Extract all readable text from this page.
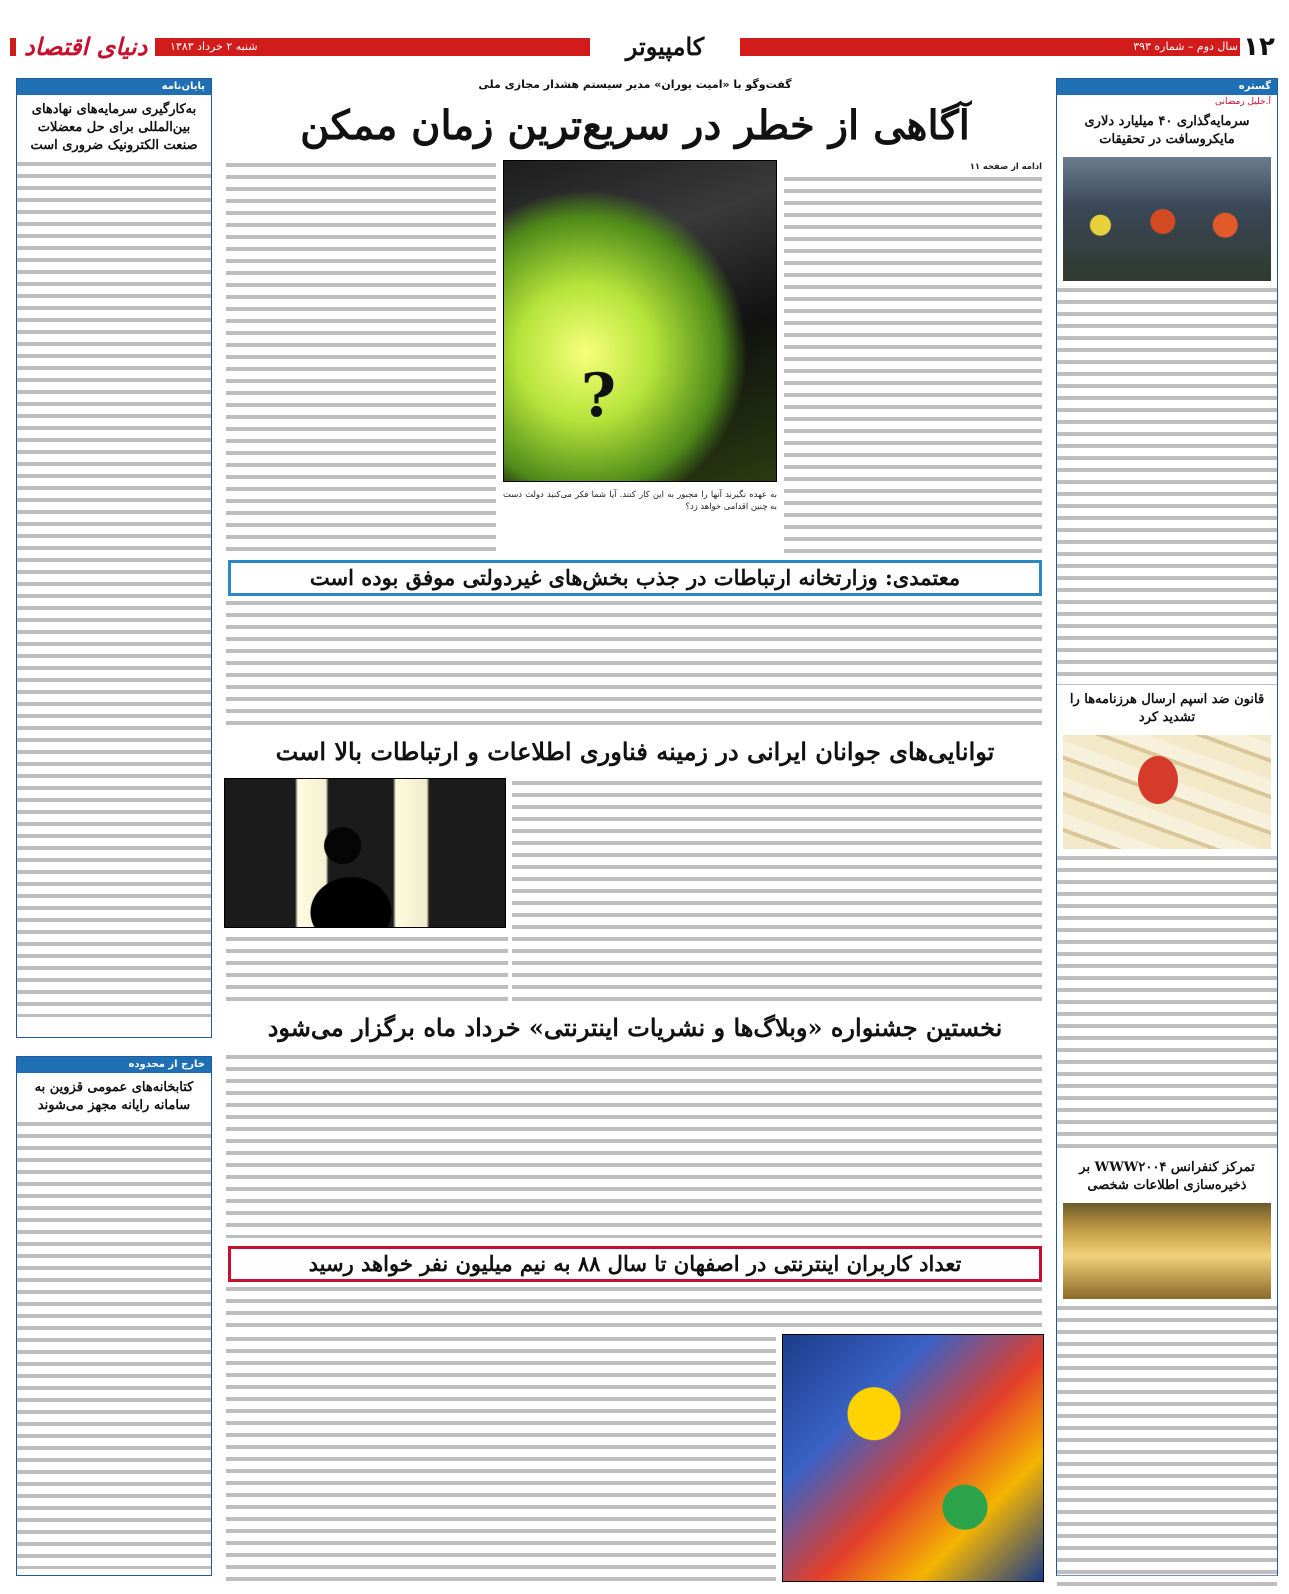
دنیای اقتصاد	شنبه ۲ خرداد ۱۳۸۳	کامپیوتر	سال دوم – شماره ۳۹۳ ۱۲
گستره
آ.خلیل رمضانی
سرمایه‌گذاری ۴۰ میلیارد دلاری مایکروسافت در تحقیقات
قانون ضد اسپم ارسال هرزنامه‌ها را تشدید کرد
تمرکز کنفرانس WWW۲۰۰۴ بر ذخیره‌سازی اطلاعات شخصی
پایان‌نامه
به‌کارگیری سرمایه‌های نهادهای بین‌المللی برای حل معضلات صنعت الکترونیک ضروری است
خارج از محدوده
کتابخانه‌های عمومی قزوین به سامانه رایانه مجهز می‌شوند
گفت‌وگو با «امیت یوران» مدیر سیستم هشدار مجازی ملی
آگاهی از خطر در سریع‌ترین زمان ممکن
ادامه از صفحه ۱۱
?
به عهده نگیرند آنها را مجبور به این کار کنند. آیا شما فکر می‌کنید دولت دست به چنین اقدامی خواهد زد؟
معتمدی: وزارتخانه ارتباطات در جذب بخش‌های غیردولتی موفق بوده است
توانایی‌های جوانان ایرانی در زمینه فناوری اطلاعات و ارتباطات بالا است
نخستین جشنواره «وبلاگ‌ها و نشریات اینترنتی» خرداد ماه برگزار می‌شود
تعداد کاربران اینترنتی در اصفهان تا سال ۸۸ به نیم میلیون نفر خواهد رسید
